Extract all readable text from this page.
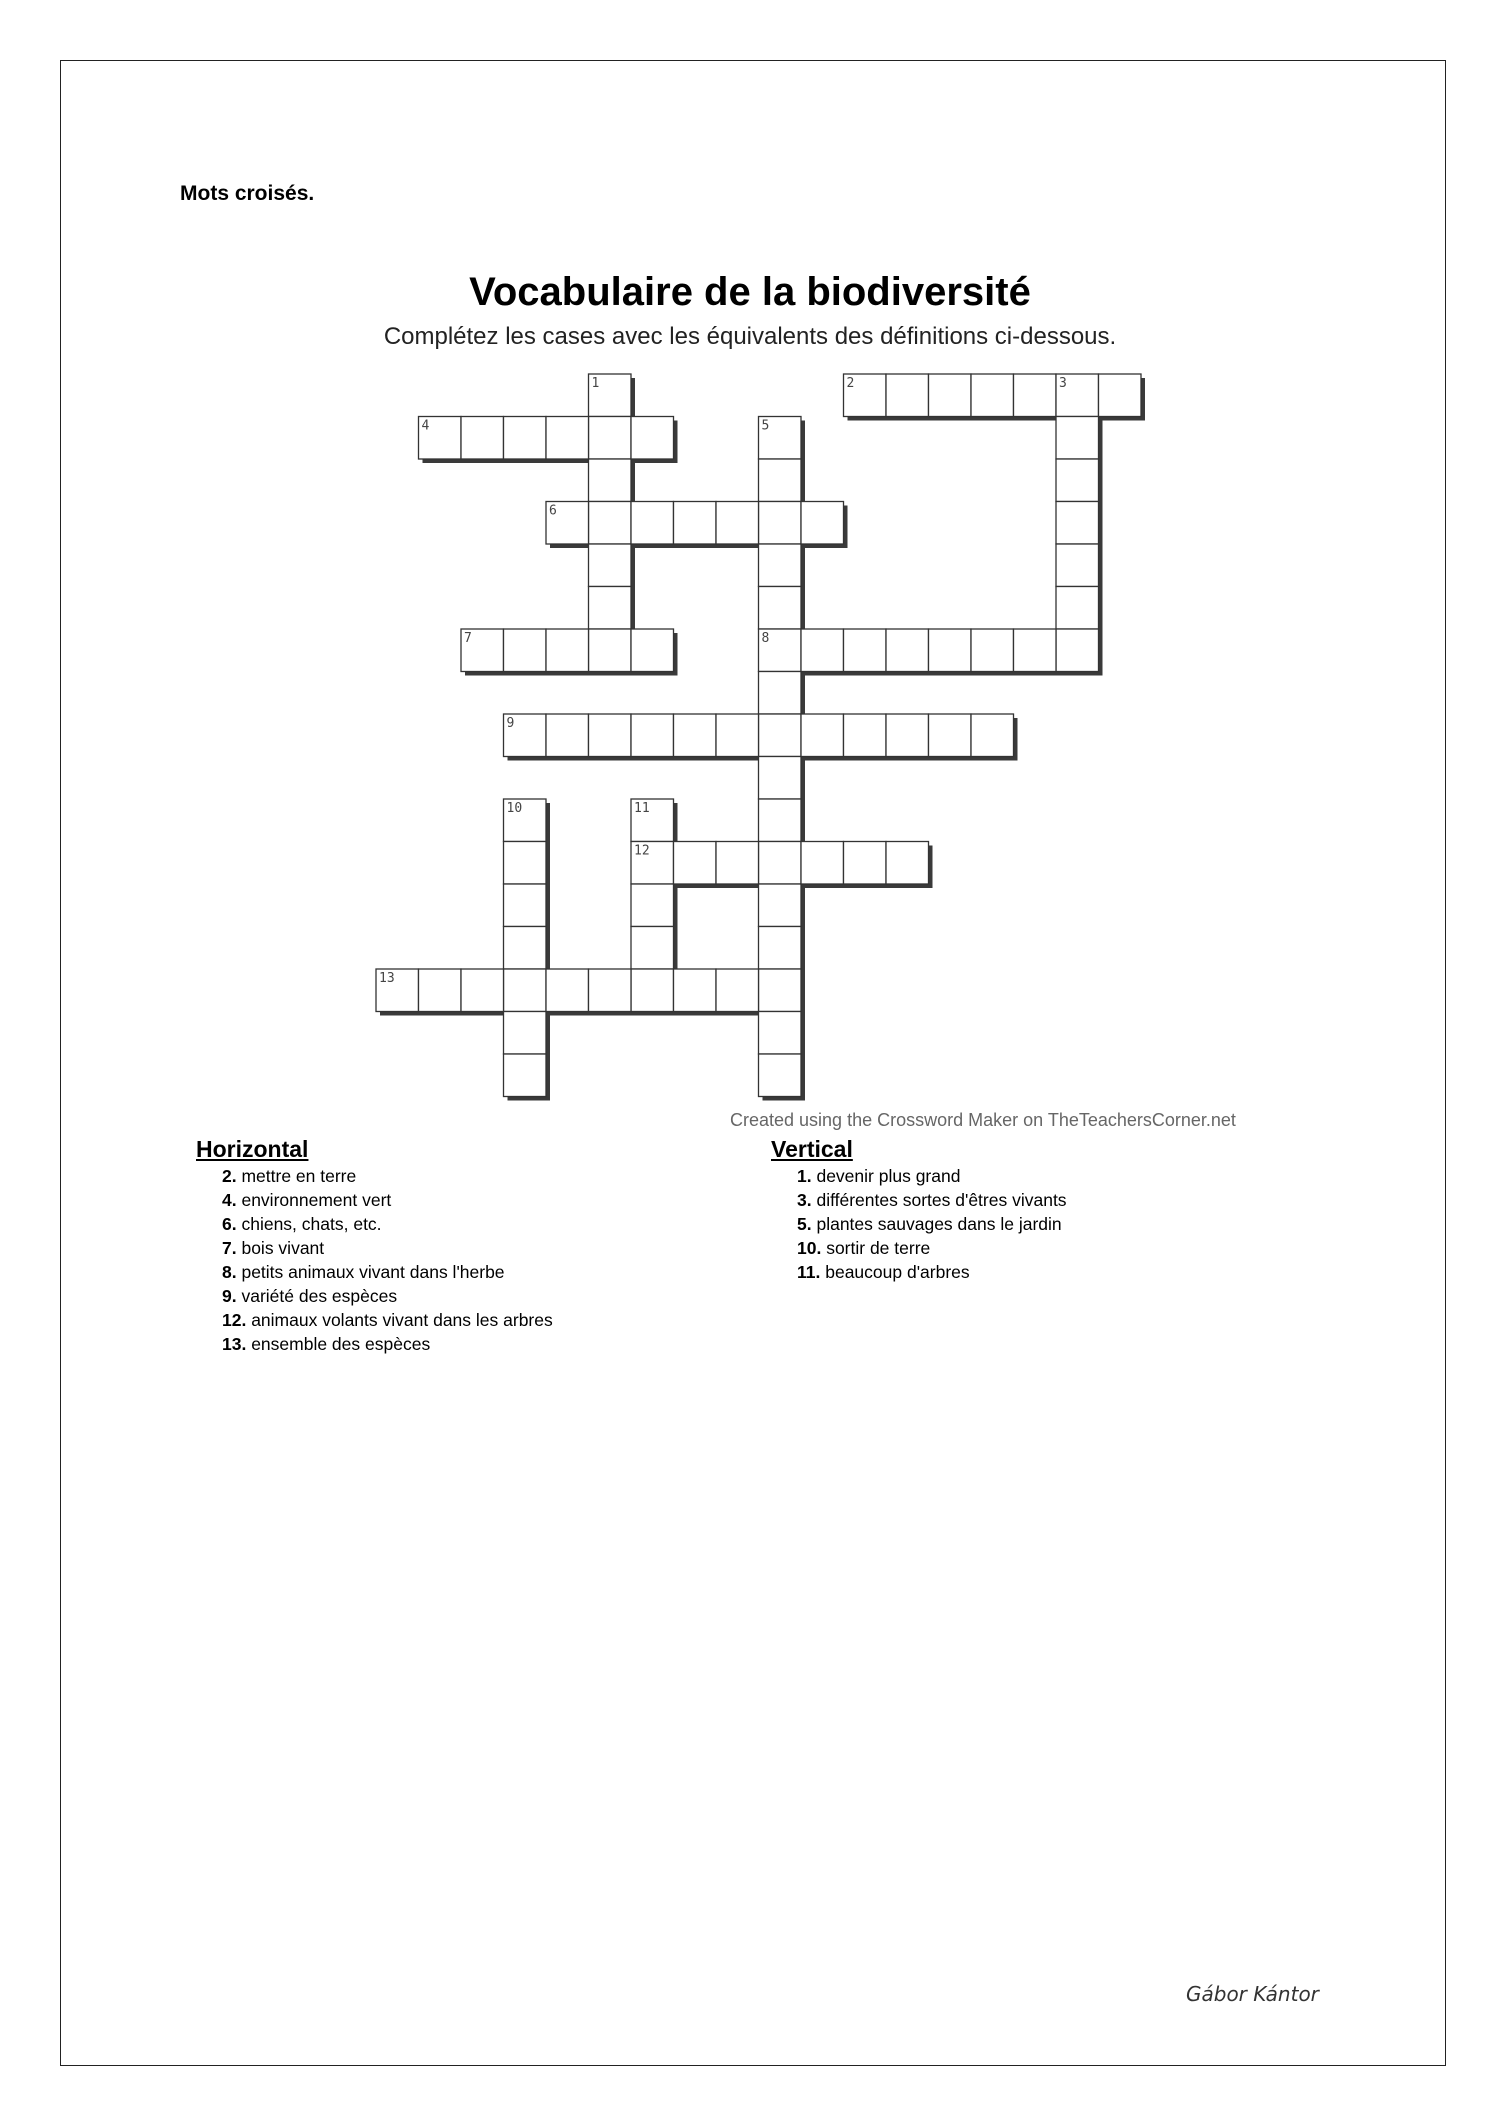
Mots croisés.
Vocabulaire de la biodiversité
Complétez les cases avec les équivalents des définitions ci-dessous.
1	2	3
4	5
6
7	8
9
10	11
12
13
Created using the Crossword Maker on TheTeachersCorner.net
Horizontal
2. mettre en terre
4. environnement vert
6. chiens, chats, etc.
7. bois vivant
8. petits animaux vivant dans l'herbe
9. variété des espèces
12. animaux volants vivant dans les arbres
13. ensemble des espèces
Vertical
1. devenir plus grand
3. différentes sortes d'êtres vivants
5. plantes sauvages dans le jardin
10. sortir de terre
11. beaucoup d'arbres
Gábor Kántor
